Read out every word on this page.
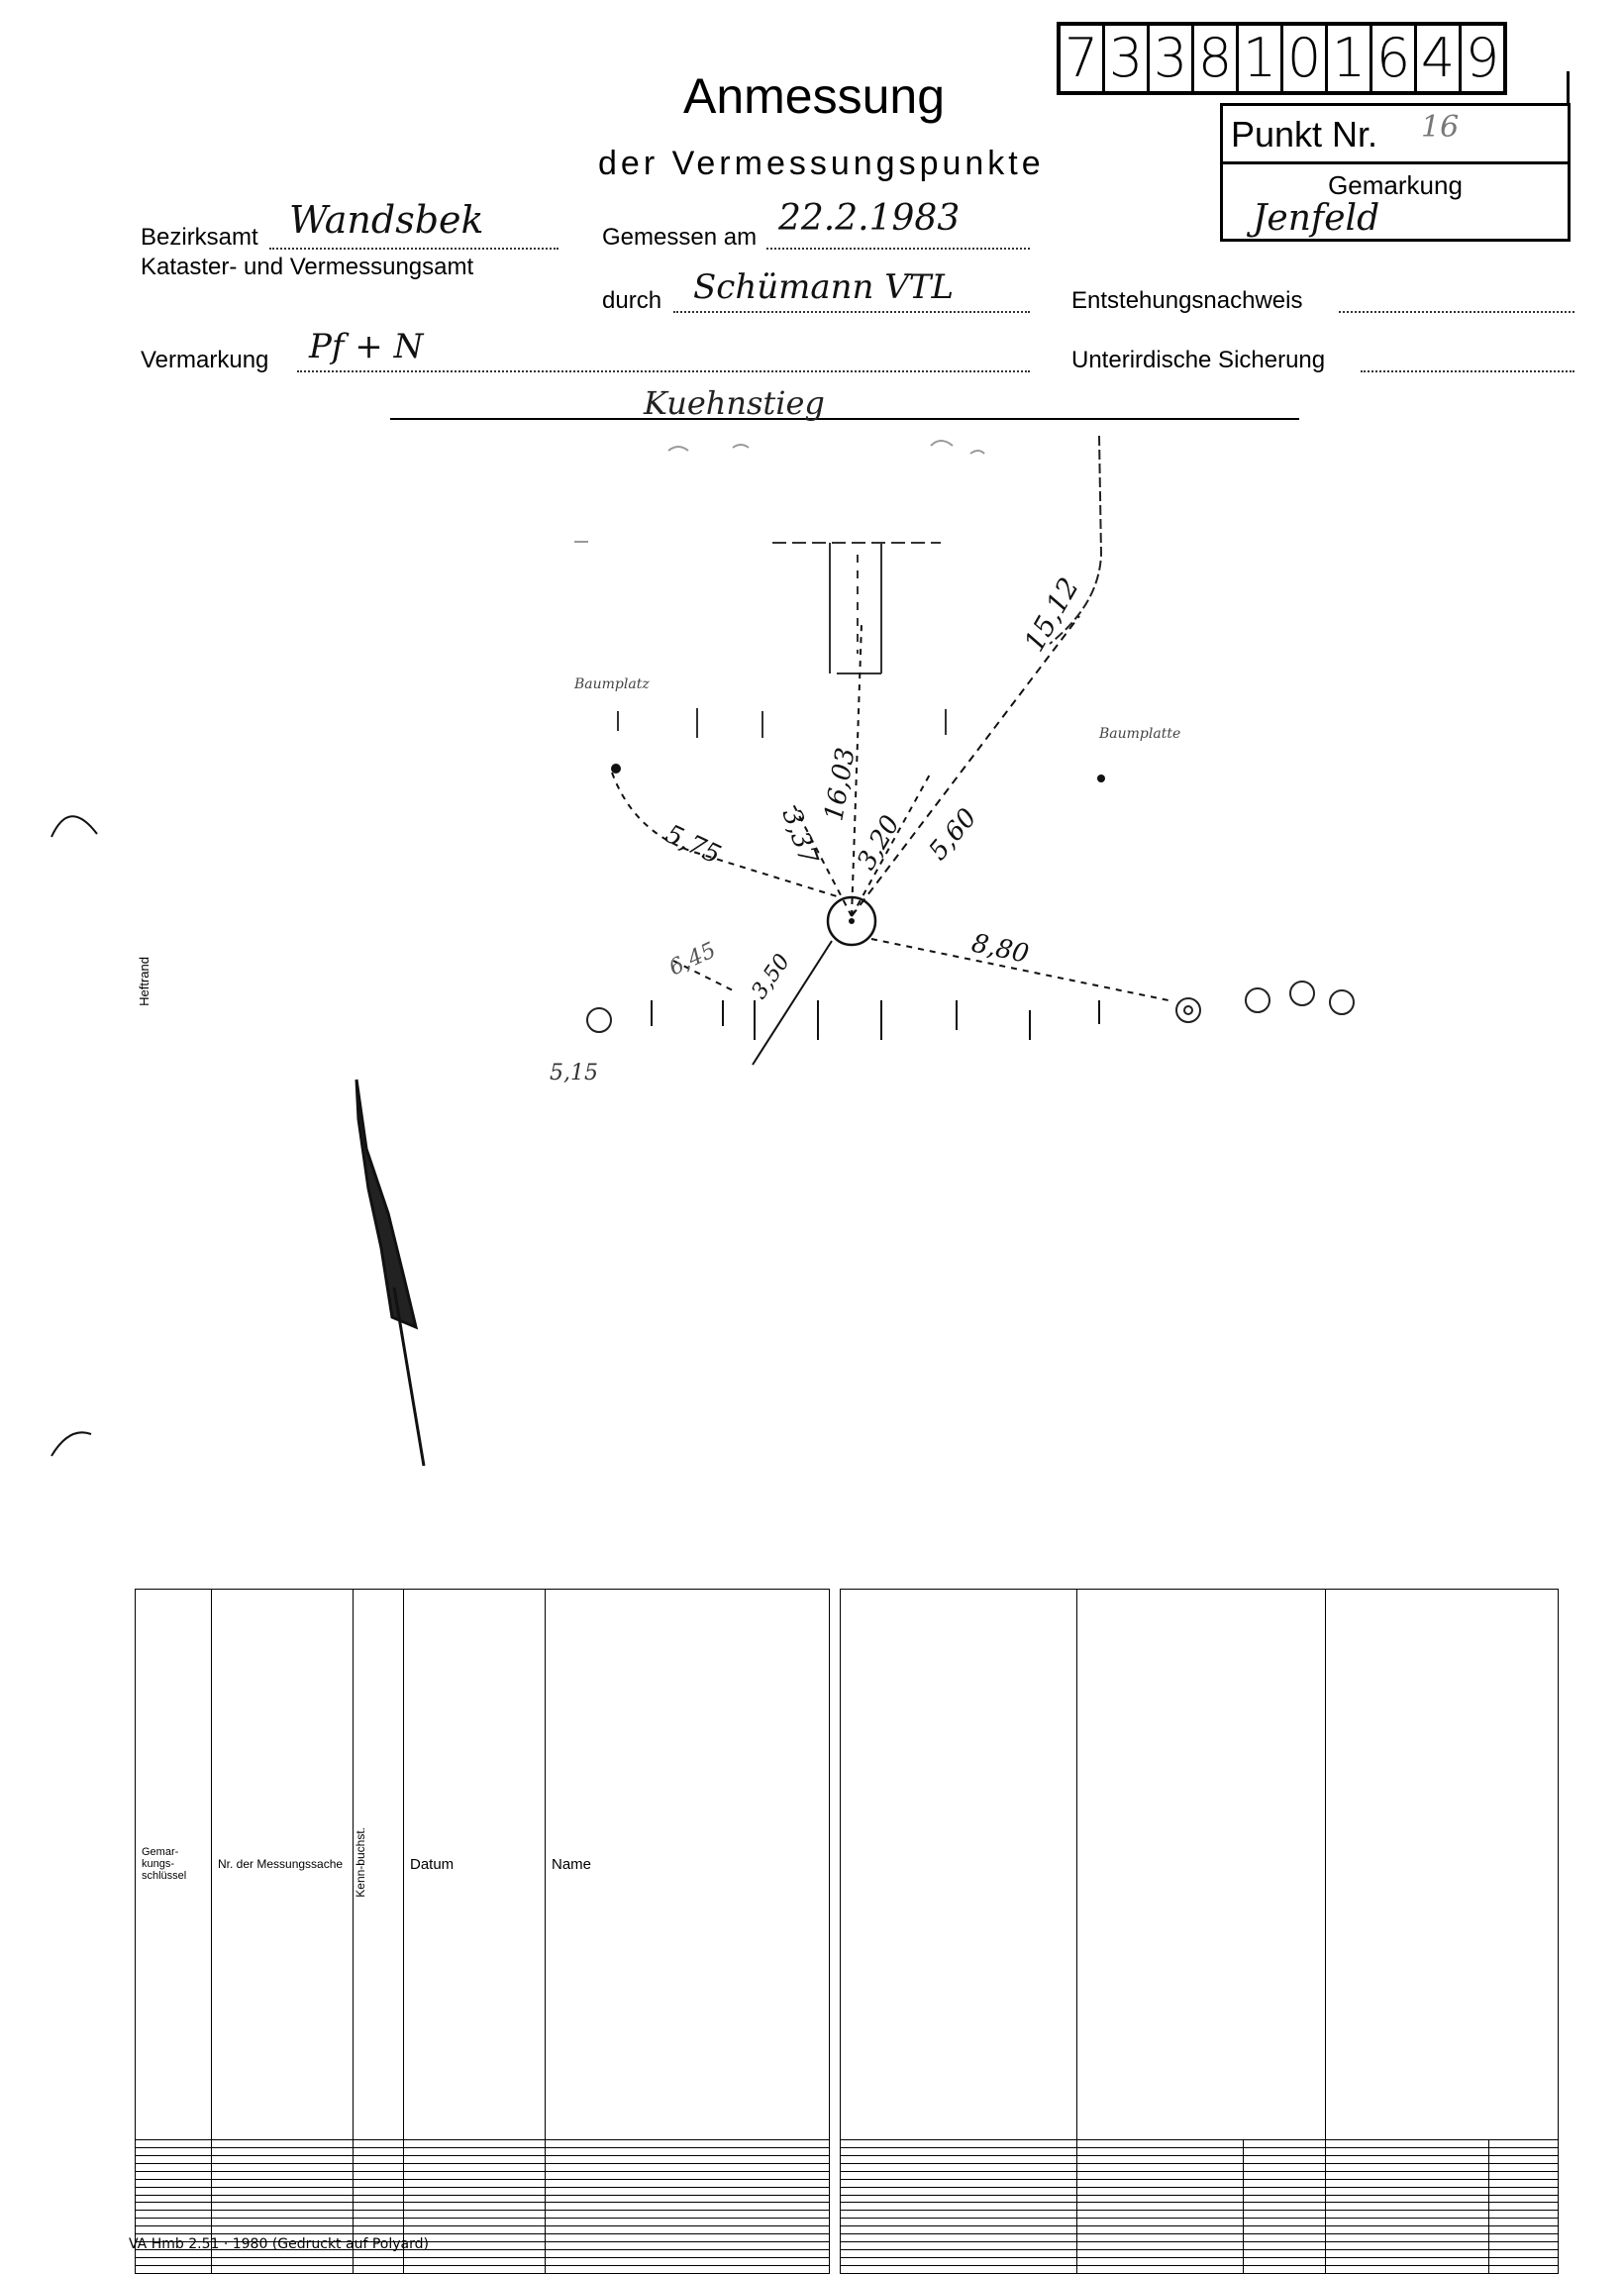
7 3 3 8 1 0 1 6 4 9
Punkt Nr. 16
Gemarkung
Jenfeld
Anmessung
der Vermessungspunkte
Bezirksamt Wandsbek
Kataster- und Vermessungsamt
Gemessen am 22.2.1983
durch Schümann VTL	Entstehungsnachweis
Vermarkung Pf + N	Unterirdische Sicherung
Kuehnstieg
15,12
16,03
3,37 3,20 5,60
5,75
8,80
6,45 3,50
5,15
Baumplatz
Baumplatte
Heftrand
Gemar-kungs-schlüssel	Nr. der Messungssache	Kenn-buchst.	Datum	Name

VA Hmb 2.51 · 1980 (Gedruckt auf Polyard)
